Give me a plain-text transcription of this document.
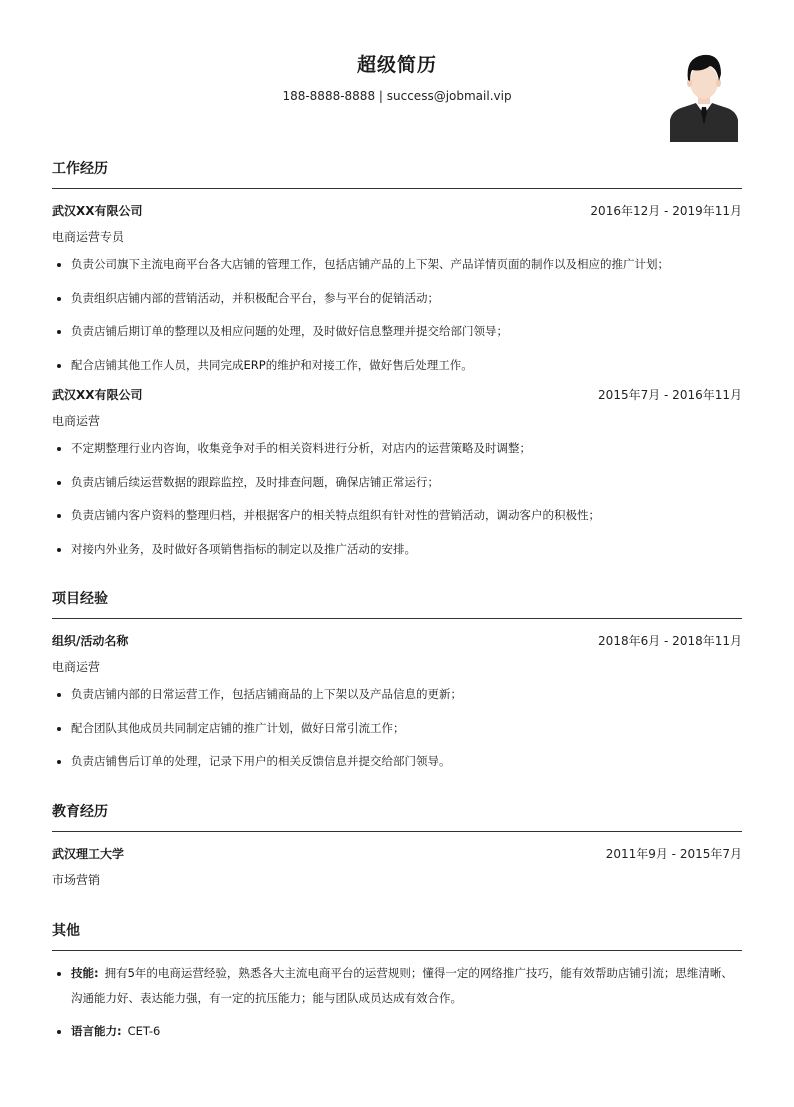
超级简历
188-8888-8888 | success@jobmail.vip
工作经历
武汉XX有限公司	2016年12月 - 2019年11月
电商运营专员
• 负责公司旗下主流电商平台各大店铺的管理工作，包括店铺产品的上下架、产品详情页面的制作以及相应的推广计划；
• 负责组织店铺内部的营销活动，并积极配合平台，参与平台的促销活动；
• 负责店铺后期订单的整理以及相应问题的处理，及时做好信息整理并提交给部门领导；
• 配合店铺其他工作人员，共同完成ERP的维护和对接工作，做好售后处理工作。
武汉XX有限公司	2015年7月 - 2016年11月
电商运营
• 不定期整理行业内咨询，收集竞争对手的相关资料进行分析，对店内的运营策略及时调整；
• 负责店铺后续运营数据的跟踪监控，及时排查问题，确保店铺正常运行；
• 负责店铺内客户资料的整理归档，并根据客户的相关特点组织有针对性的营销活动，调动客户的积极性；
• 对接内外业务，及时做好各项销售指标的制定以及推广活动的安排。
项目经验
组织/活动名称	2018年6月 - 2018年11月
电商运营
• 负责店铺内部的日常运营工作，包括店铺商品的上下架以及产品信息的更新；
• 配合团队其他成员共同制定店铺的推广计划，做好日常引流工作；
• 负责店铺售后订单的处理，记录下用户的相关反馈信息并提交给部门领导。
教育经历
武汉理工大学	2011年9月 - 2015年7月
市场营销
其他
• 技能: 拥有5年的电商运营经验，熟悉各大主流电商平台的运营规则；懂得一定的网络推广技巧，能有效帮助店铺引流；思维清晰、沟通能力好、表达能力强，有一定的抗压能力；能与团队成员达成有效合作。
• 语言能力: CET-6
